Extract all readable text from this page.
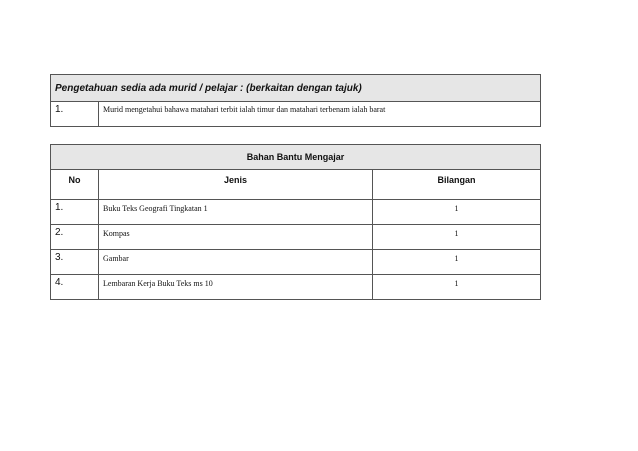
Pengetahuan sedia ada murid / pelajar : (berkaitan dengan tajuk)
1.	Murid mengetahui bahawa matahari terbit ialah timur dan matahari terbenam ialah barat
Bahan Bantu Mengajar		
No	Jenis	Bilangan
1.	Buku Teks Geografi Tingkatan 1	1
2.	Kompas	1
3.	Gambar	1
4.	Lembaran Kerja Buku Teks ms 10	1
